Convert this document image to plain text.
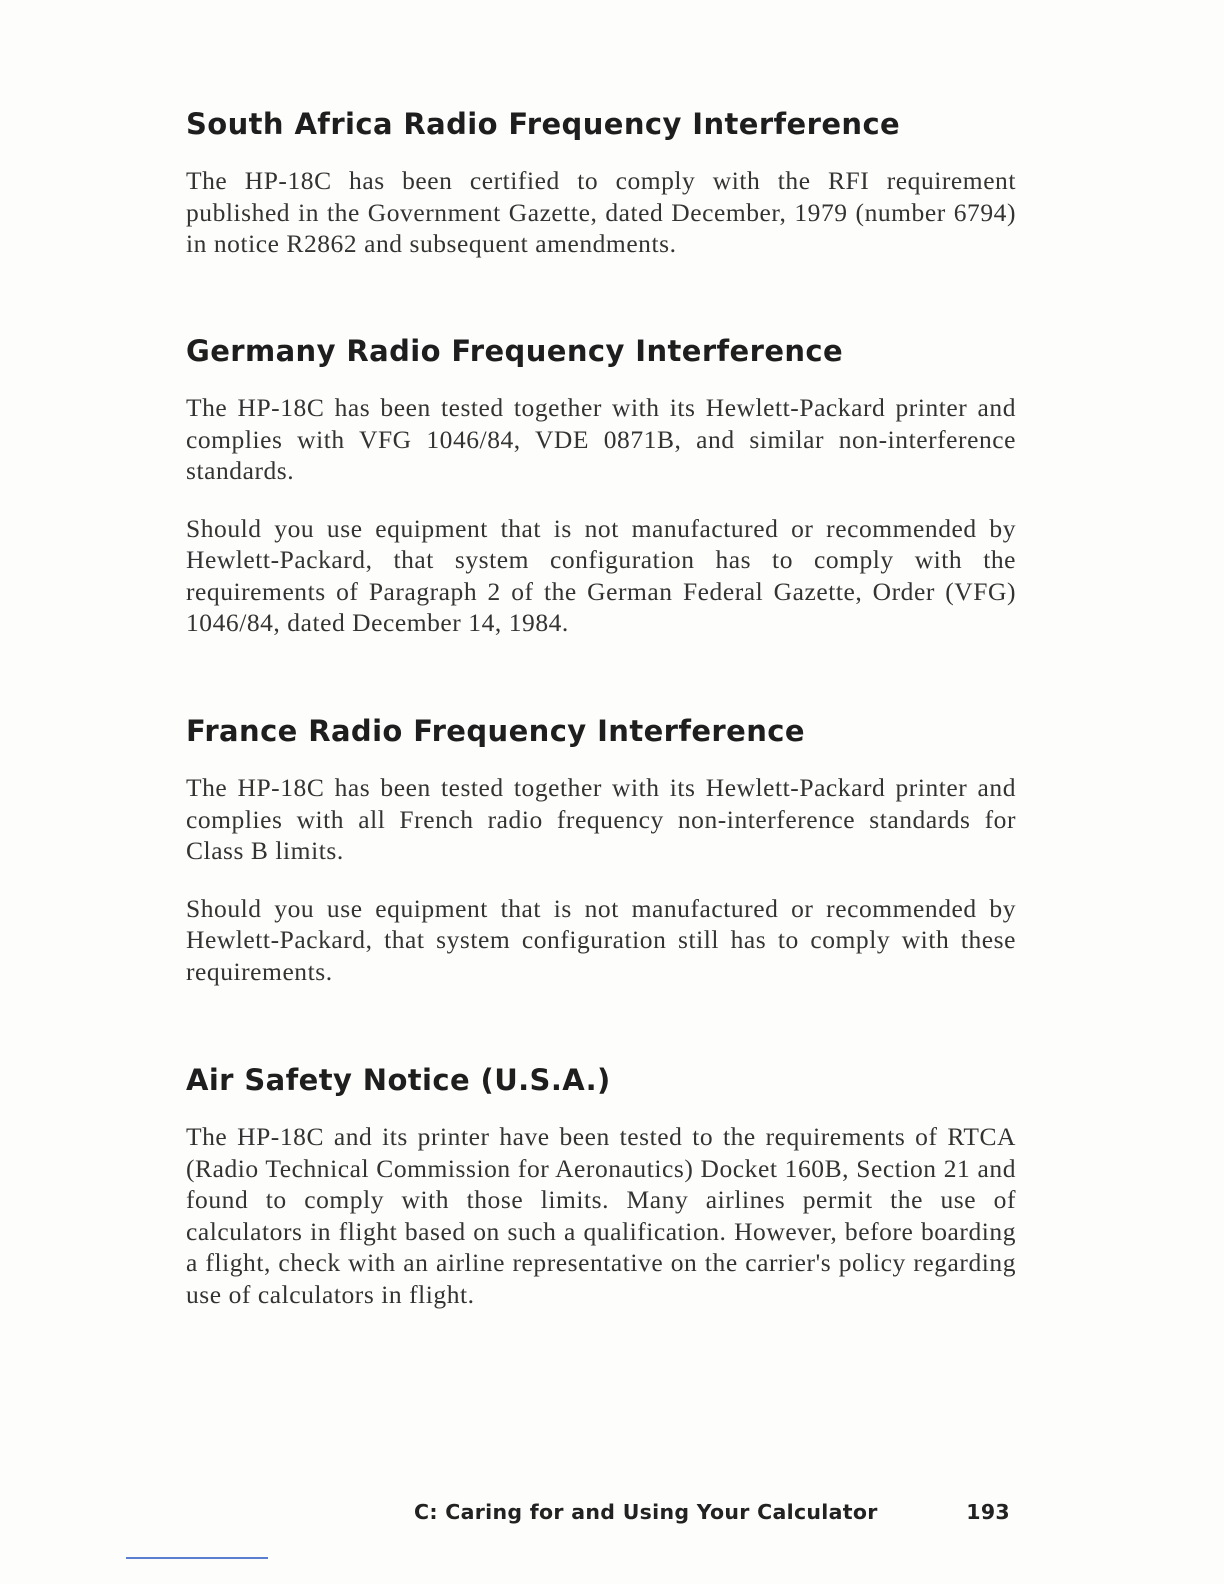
South Africa Radio Frequency Interference

The HP-18C has been certified to comply with the RFI requirement published in the Government Gazette, dated December, 1979 (number 6794) in notice R2862 and subsequent amendments.

Germany Radio Frequency Interference

The HP-18C has been tested together with its Hewlett-Packard printer and complies with VFG 1046/84, VDE 0871B, and similar non-interference standards.

Should you use equipment that is not manufactured or recommended by Hewlett-Packard, that system configuration has to comply with the requirements of Paragraph 2 of the German Federal Gazette, Order (VFG) 1046/84, dated December 14, 1984.

France Radio Frequency Interference

The HP-18C has been tested together with its Hewlett-Packard printer and complies with all French radio frequency non-interference standards for Class B limits.

Should you use equipment that is not manufactured or recommended by Hewlett-Packard, that system configuration still has to comply with these requirements.

Air Safety Notice (U.S.A.)

The HP-18C and its printer have been tested to the requirements of RTCA (Radio Technical Commission for Aeronautics) Docket 160B, Section 21 and found to comply with those limits. Many airlines permit the use of calculators in flight based on such a qualification. However, before boarding a flight, check with an airline representative on the carrier's policy regarding use of calculators in flight.

C: Caring for and Using Your Calculator	193
